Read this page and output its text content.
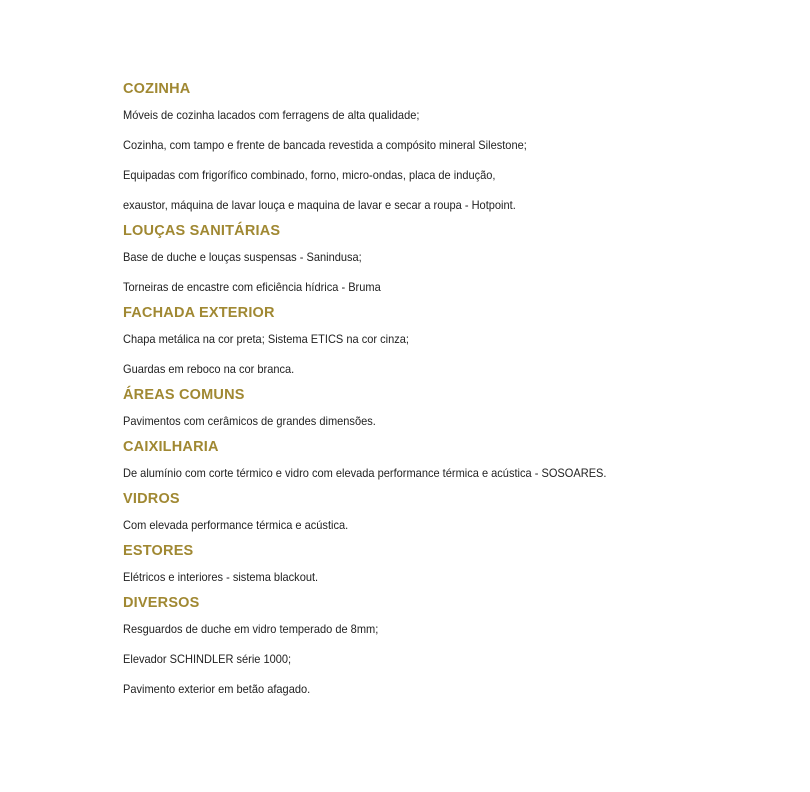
COZINHA

Móveis de cozinha lacados com ferragens de alta qualidade;

Cozinha, com tampo e frente de bancada revestida a compósito mineral Silestone;

Equipadas com frigorífico combinado, forno, micro-ondas, placa de indução,

exaustor, máquina de lavar louça e maquina de lavar e secar a roupa - Hotpoint.

LOUÇAS SANITÁRIAS

Base de duche e louças suspensas - Sanindusa;

Torneiras de encastre com eficiência hídrica - Bruma

FACHADA EXTERIOR

Chapa metálica na cor preta; Sistema ETICS na cor cinza;

Guardas em reboco na cor branca.

ÁREAS COMUNS

Pavimentos com cerâmicos de grandes dimensões.

CAIXILHARIA

De alumínio com corte térmico e vidro com elevada performance térmica e acústica - SOSOARES.

VIDROS

Com elevada performance térmica e acústica.

ESTORES

Elétricos e interiores - sistema blackout.

DIVERSOS

Resguardos de duche em vidro temperado de 8mm;

Elevador SCHINDLER série 1000;

Pavimento exterior em betão afagado.
